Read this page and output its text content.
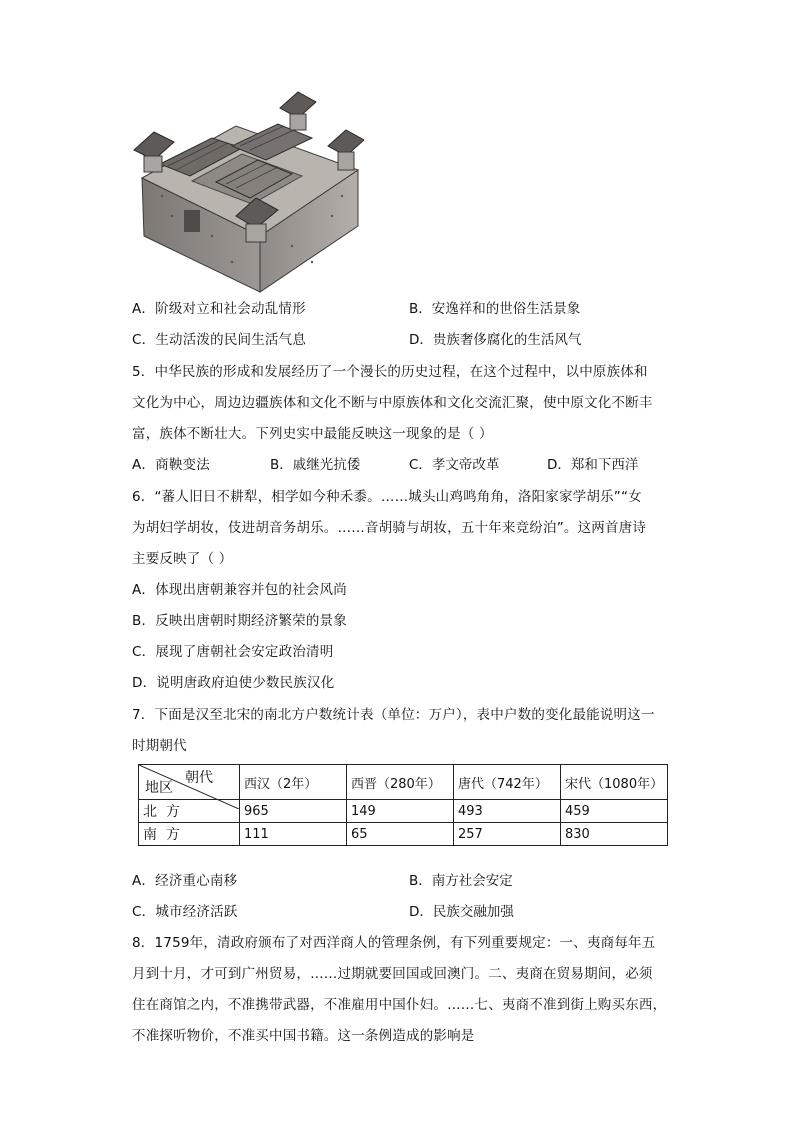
A．阶级对立和社会动乱情形	B．安逸祥和的世俗生活景象
C．生动活泼的民间生活气息	D．贵族奢侈腐化的生活风气
5．中华民族的形成和发展经历了一个漫长的历史过程，在这个过程中，以中原族体和
文化为中心，周边边疆族体和文化不断与中原族体和文化交流汇聚，使中原文化不断丰
富，族体不断壮大。下列史实中最能反映这一现象的是（ ）
A．商鞅变法	B．戚继光抗倭	C．孝文帝改革	D．郑和下西洋
6．“蕃人旧日不耕犁，相学如今种禾黍。……城头山鸡鸣角角，洛阳家家学胡乐”“女
为胡妇学胡妆，伎进胡音务胡乐。……音胡骑与胡妆，五十年来竞纷泊”。这两首唐诗
主要反映了（ ）
A．体现出唐朝兼容并包的社会风尚
B．反映出唐朝时期经济繁荣的景象
C．展现了唐朝社会安定政治清明
D．说明唐政府迫使少数民族汉化
7．下面是汉至北宋的南北方户数统计表（单位：万户），表中户数的变化最能说明这一
时期朝代
朝代
地区	西汉（2年）	西晋（280年）	唐代（742年）	宋代（1080年）
北  方	965	149	493	459
南  方	111	65	257	830
A．经济重心南移	B．南方社会安定
C．城市经济活跃	D．民族交融加强
8．1759年，清政府颁布了对西洋商人的管理条例，有下列重要规定：一、夷商每年五
月到十月，才可到广州贸易，……过期就要回国或回澳门。二、夷商在贸易期间，必须
住在商馆之内，不准携带武器，不准雇用中国仆妇。……七、夷商不准到街上购买东西，
不准探听物价，不准买中国书籍。这一条例造成的影响是
